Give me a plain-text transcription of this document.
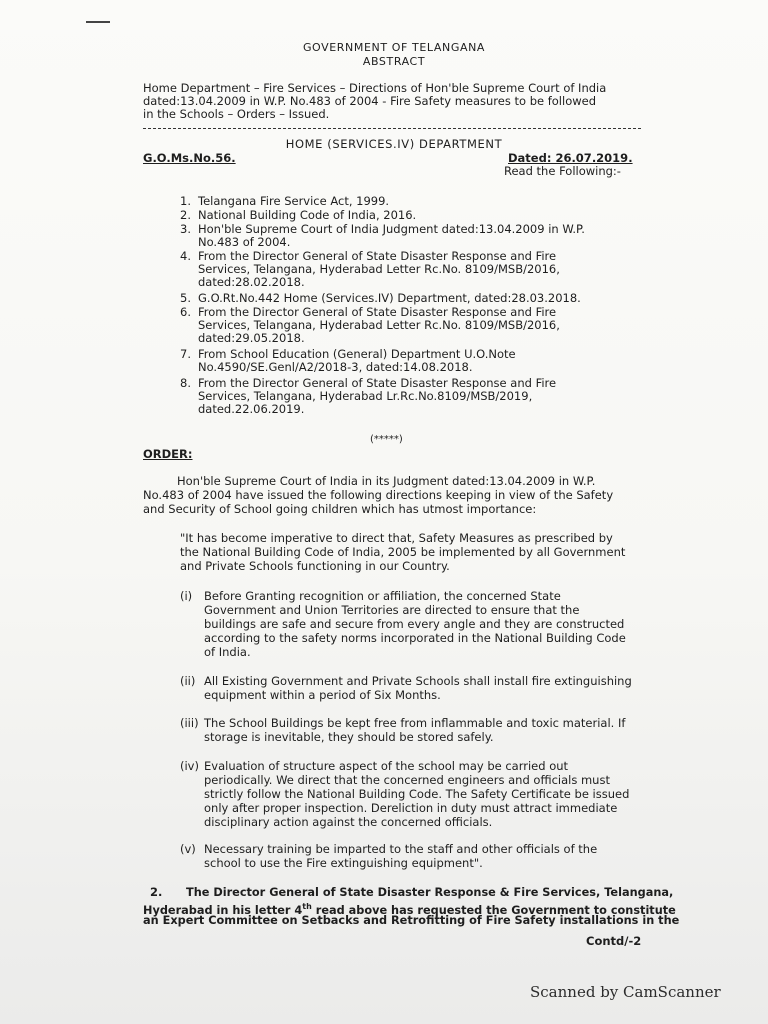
GOVERNMENT OF TELANGANA
ABSTRACT
Home Department – Fire Services – Directions of Hon'ble Supreme Court of India
dated:13.04.2009 in W.P. No.483 of 2004 - Fire Safety measures to be followed
in the Schools – Orders – Issued.
HOME (SERVICES.IV) DEPARTMENT
G.O.Ms.No.56.	Dated: 26.07.2019.
Read the Following:-
1. Telangana Fire Service Act, 1999.
2. National Building Code of India, 2016.
3. Hon'ble Supreme Court of India Judgment dated:13.04.2009 in W.P.
No.483 of 2004.
4. From the Director General of State Disaster Response and Fire
Services, Telangana, Hyderabad Letter Rc.No. 8109/MSB/2016,
dated:28.02.2018.
5. G.O.Rt.No.442 Home (Services.IV) Department, dated:28.03.2018.
6. From the Director General of State Disaster Response and Fire
Services, Telangana, Hyderabad Letter Rc.No. 8109/MSB/2016,
dated:29.05.2018.
7. From School Education (General) Department U.O.Note
No.4590/SE.Genl/A2/2018-3, dated:14.08.2018.
8. From the Director General of State Disaster Response and Fire
Services, Telangana, Hyderabad Lr.Rc.No.8109/MSB/2019,
dated.22.06.2019.
(*****)
ORDER:
Hon'ble Supreme Court of India in its Judgment dated:13.04.2009 in W.P.
No.483 of 2004 have issued the following directions keeping in view of the Safety
and Security of School going children which has utmost importance:
"It has become imperative to direct that, Safety Measures as prescribed by
the National Building Code of India, 2005 be implemented by all Government
and Private Schools functioning in our Country.
(i) Before Granting recognition or affiliation, the concerned State
Government and Union Territories are directed to ensure that the
buildings are safe and secure from every angle and they are constructed
according to the safety norms incorporated in the National Building Code
of India.
(ii) All Existing Government and Private Schools shall install fire extinguishing
equipment within a period of Six Months.
(iii) The School Buildings be kept free from inflammable and toxic material. If
storage is inevitable, they should be stored safely.
(iv) Evaluation of structure aspect of the school may be carried out
periodically. We direct that the concerned engineers and officials must
strictly follow the National Building Code. The Safety Certificate be issued
only after proper inspection. Dereliction in duty must attract immediate
disciplinary action against the concerned officials.
(v) Necessary training be imparted to the staff and other officials of the
school to use the Fire extinguishing equipment".
2. The Director General of State Disaster Response & Fire Services, Telangana,
Hyderabad in his letter 4th read above has requested the Government to constitute
an Expert Committee on Setbacks and Retrofitting of Fire Safety installations in the
Contd/-2
Scanned by CamScanner
